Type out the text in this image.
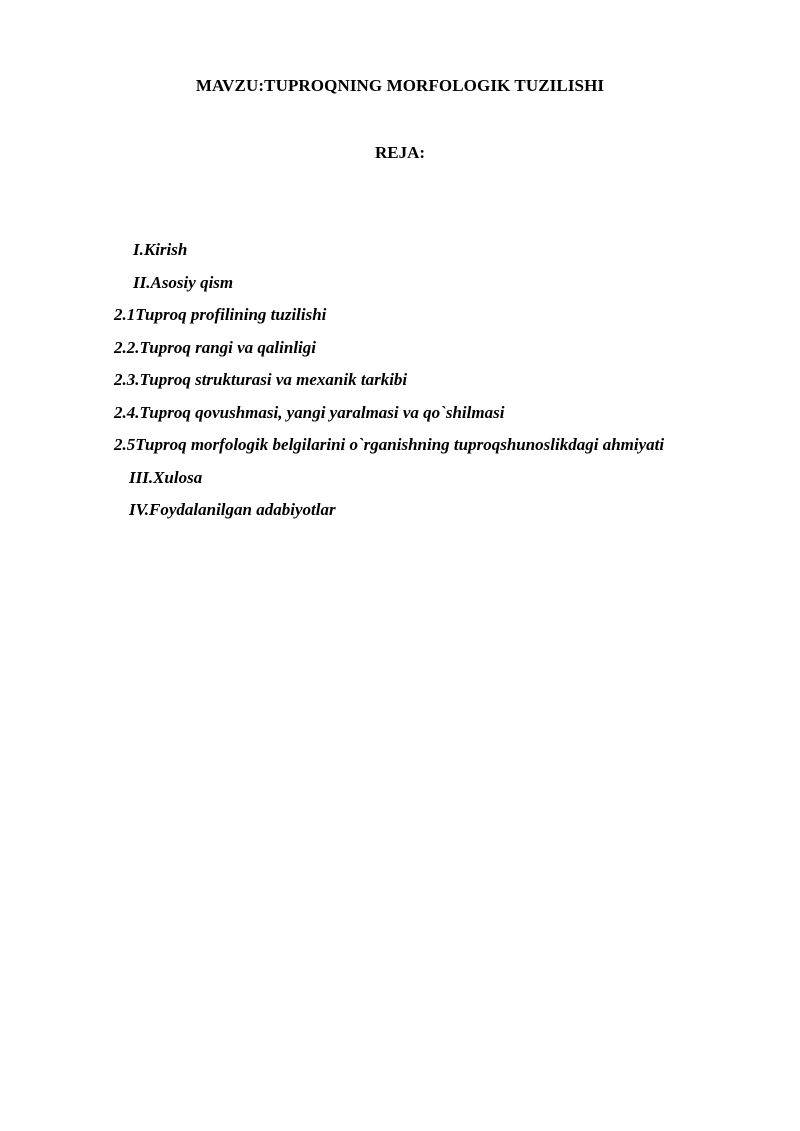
MAVZU:TUPROQNING MORFOLOGIK TUZILISHI
REJA:
I.Kirish
II.Asosiy qism
2.1Tuproq profilining tuzilishi
2.2.Tuproq rangi va qalinligi
2.3.Tuproq strukturasi va mexanik tarkibi
2.4.Tuproq qovushmasi, yangi yaralmasi va qo`shilmasi
2.5Tuproq morfologik belgilarini o`rganishning tuproqshunoslikdagi ahmiyati
III.Xulosa
IV.Foydalanilgan adabiyotlar
